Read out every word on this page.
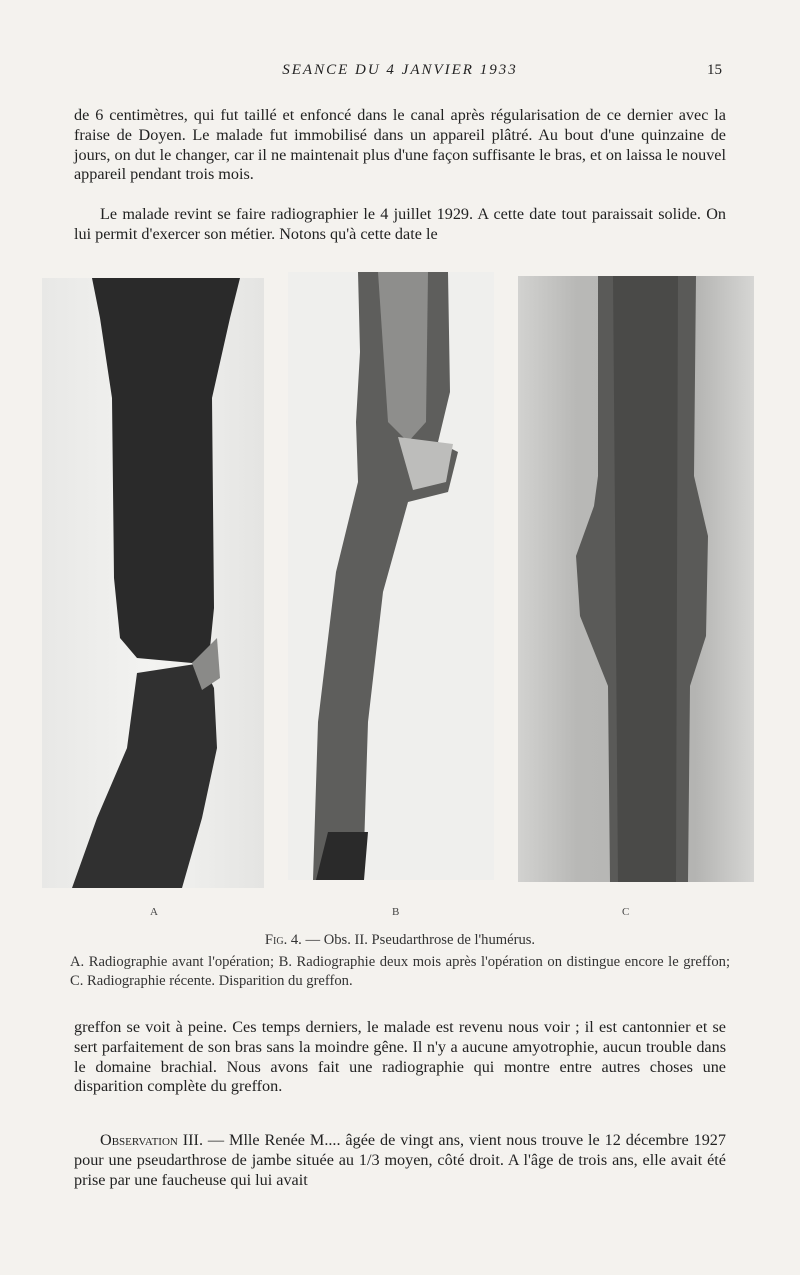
SEANCE DU 4 JANVIER 1933	15

de 6 centimètres, qui fut taillé et enfoncé dans le canal après régularisation de ce dernier avec la fraise de Doyen. Le malade fut immobilisé dans un appareil plâtré. Au bout d'une quinzaine de jours, on dut le changer, car il ne maintenait plus d'une façon suffisante le bras, et on laissa le nouvel appareil pendant trois mois.

Le malade revint se faire radiographier le 4 juillet 1929. A cette date tout paraissait solide. On lui permit d'exercer son métier. Notons qu'à cette date le

A	B	C

Fig. 4. — Obs. II. Pseudarthrose de l'humérus.

A. Radiographie avant l'opération; B. Radiographie deux mois après l'opération on distingue encore le greffon; C. Radiographie récente. Disparition du greffon.

greffon se voit à peine. Ces temps derniers, le malade est revenu nous voir ; il est cantonnier et se sert parfaitement de son bras sans la moindre gêne. Il n'y a aucune amyotrophie, aucun trouble dans le domaine brachial. Nous avons fait une radiographie qui montre entre autres choses une disparition complète du greffon.

Observation III. — Mlle Renée M.... âgée de vingt ans, vient nous trouve le 12 décembre 1927 pour une pseudarthrose de jambe située au 1/3 moyen, côté droit. A l'âge de trois ans, elle avait été prise par une faucheuse qui lui avait
